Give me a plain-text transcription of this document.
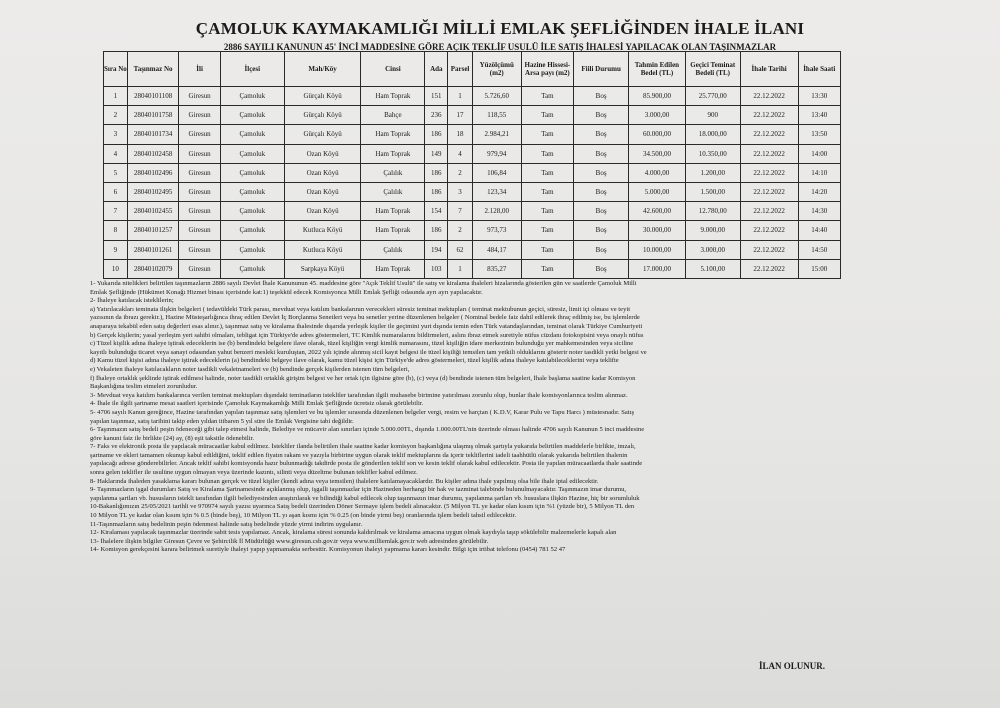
ÇAMOLUK KAYMAKAMLIĞI MİLLİ EMLAK ŞEFLİĞİNDEN İHALE İLANI
2886 SAYILI KANUNUN 45' İNCİ MADDESİNE GÖRE AÇIK TEKLİF USULÜ İLE SATIŞ İHALESİ YAPILACAK OLAN TAŞINMAZLAR
Sıra No	Taşınmaz No	İli	İlçesi	Mah/Köy	Cinsi	Ada	Parsel	Yüzölçümü (m2)	Hazine Hissesi-Arsa payı (m2)	Fiili Durumu	Tahmin Edilen Bedel (TL)	Geçici Teminat Bedeli (TL)	İhale Tarihi	İhale Saati
1	28040101108	Giresun	Çamoluk	Gürçalı Köyü	Ham Toprak	151	1	5.726,60	Tam	Boş	85.900,00	25.770,00	22.12.2022	13:30
2	28040101758	Giresun	Çamoluk	Gürçalı Köyü	Bahçe	236	17	118,55	Tam	Boş	3.000,00	900	22.12.2022	13:40
3	28040101734	Giresun	Çamoluk	Gürçalı Köyü	Ham Toprak	186	18	2.984,21	Tam	Boş	60.000,00	18.000,00	22.12.2022	13:50
4	28040102458	Giresun	Çamoluk	Ozan Köyü	Ham Toprak	149	4	979,94	Tam	Boş	34.500,00	10.350,00	22.12.2022	14:00
5	28040102496	Giresun	Çamoluk	Ozan Köyü	Çalılık	186	2	106,84	Tam	Boş	4.000,00	1.200,00	22.12.2022	14:10
6	28040102495	Giresun	Çamoluk	Ozan Köyü	Çalılık	186	3	123,34	Tam	Boş	5.000,00	1.500,00	22.12.2022	14:20
7	28040102455	Giresun	Çamoluk	Ozan Köyü	Ham Toprak	154	7	2.128,00	Tam	Boş	42.600,00	12.780,00	22.12.2022	14:30
8	28040101257	Giresun	Çamoluk	Kutluca Köyü	Ham Toprak	186	2	973,73	Tam	Boş	30.000,00	9.000,00	22.12.2022	14:40
9	28040101261	Giresun	Çamoluk	Kutluca Köyü	Çalılık	194	62	484,17	Tam	Boş	10.000,00	3.000,00	22.12.2022	14:50
10	28040102079	Giresun	Çamoluk	Sarpkaya Köyü	Ham Toprak	103	1	835,27	Tam	Boş	17.000,00	5.100,00	22.12.2022	15:00

1- Yukarıda nitelikleri belirtilen taşınmazların 2886 sayılı Devlet İhale Kanununun 45. maddesine göre "Açık Teklif Usulü" ile satış ve kiralama ihaleleri hizalarında gösterilen gün ve saatlerde Çamoluk Milli

Emlak Şefliğinde (Hükümet Konağı Hizmet binası içerisinde kat:1) teşekkül edecek Komisyonca Milli Emlak Şefliği odasında ayrı ayrı yapılacaktır.

2- İhaleye katılacak isteklilerin;

a) Yatırılacakları teminata ilişkin belgeleri ( tedavüldeki Türk parası, mevduat veya katılım bankalarının verecekleri süresiz teminat mektupları ( teminat mektubunun geçici, süresiz, limit içi olması ve teyit

yazısının da ibrazı gerekir.), Hazine Müsteşarlığınca ihraç edilen Devlet İç Borçlanma Senetleri veya bu senetler yerine düzenlenen belgeler ( Nominal bedele faiz dahil edilerek ihraç edilmiş ise, bu işlemlerde

anaparaya tekabül eden satış değerleri esas alınır.), taşınmaz satış ve kiralama ihalesinde dışarıda yerleşik kişiler ile geçimini yurt dışında temin eden Türk vatandaşlarından, teminat olarak Türkiye Cumhuriyeti

b) Gerçek kişilerin; yasal yerleşim yeri sahibi olmaları, tebligat için Türkiye'de adres göstermeleri, TC Kimlik numaralarını bildirmeleri, aslını ibraz etmek suretiyle nüfus cüzdanı fotokopisini veya onaylı nüfus

c) Tüzel kişilik adına ihaleye iştirak edeceklerin ise (b) bendindeki belgelere ilave olarak, tüzel kişiliğin vergi kimlik numarasını, tüzel kişiliğin idare merkezinin bulunduğu yer mahkemesinden veya siciline

kayıtlı bulunduğu ticaret veya sanayi odasından yahut benzeri mesleki kuruluştan, 2022 yılı içinde alınmış sicil kayıt belgesi ile tüzel kişiliği temsilen tam yetkili olduklarını gösterir noter tasdikli yetki belgesi ve

d) Kamu tüzel kişisi adına ihaleye iştirak edeceklerin (a) bendindeki belgeye ilave olarak, kamu tüzel kişisi için Türkiye'de adres göstermeleri, tüzel kişilik adına ihaleye katılabileceklerini veya teklifte

e) Vekaleten ihaleye katılacakların noter tasdikli vekaletnameleri ve (b) bendinde gerçek kişilerden istenen tüm belgeleri,

f) İhaleye ortaklık şeklinde iştirak edilmesi halinde, noter tasdikli ortaklık girişim belgesi ve her ortak için ilgisine göre (b), (c) veya (d) bendinde istenen tüm belgeleri, İhale başlama saatine kadar Komisyon

Başkanlığına teslim etmeleri zorunludur.

3- Mevduat veya katılım bankalarınca verilen teminat mektupları dışındaki teminatların istekliler tarafından ilgili muhasebe birimine yatırılması zorunlu olup, bunlar ihale komisyonlarınca teslim alınmaz.

4- İhale ile ilgili şartname mesai saatleri içerisinde Çamoluk Kaymakamlığı Milli Emlak Şefliğinde ücretsiz olarak görülebilir.

5- 4706 sayılı Kanun gereğince, Hazine tarafından yapılan taşınmaz satış işlemleri ve bu işlemler sırasında düzenlenen belgeler vergi, resim ve harçtan ( K.D.V, Karar Pulu ve Tapu Harcı ) müstesnadır. Satış

yapılan taşınmaz, satış tarihini takip eden yıldan itibaren 5 yıl süre ile Emlak Vergisine tabi değildir.

6- Taşınmazın satış bedeli peşin ödeneceği gibi talep etmesi halinde, Belediye ve mücavir alan sınırları içinde 5.000.00TL, dışında 1.000.00TL'nin üzerinde olması halinde 4706 sayılı Kanunun 5 inci maddesine

göre kanuni faiz ile birlikte (24) ay, (8) eşit taksitle ödenebilir.

7- Faks ve elektronik posta ile yapılacak müracaatlar kabul edilmez. İstekliler ilanda belirtilen ihale saatine kadar komisyon başkanlığına ulaşmış olmak şartıyla yukarıda belirtilen maddelerle birlikte, imzalı,

şartname ve ekleri tamamen okunup kabul edildiğini, teklif edilen fiyatın rakam ve yazıyla birbirine uygun olarak teklif mektuplarını da içerir tekliflerini iadeli taahhütlü olarak yukarıda belirtilen ihalenin

yapılacağı adrese gönderebilirler. Ancak teklif sahibi komisyonda hazır bulunmadığı takdirde posta ile gönderilen teklif son ve kesin teklif olarak kabul edilecektir. Posta ile yapılan müracaatlarda ihale saatinde

sonra gelen teklifler ile usulüne uygun olmayan veya üzerinde kazıntı, silinti veya düzeltme bulunan teklifler kabul edilmez.

8- Haklarında ihaleden yasaklama kararı bulunan gerçek ve tüzel kişiler (kendi adına veya temsilen) ihalelere katılamayacaklardır. Bu kişiler adına ihale yapılmış olsa bile ihale iptal edilecektir.

9- Taşınmazların işgal durumları Satış ve Kiralama Şartnamesinde açıklanmış olup, işgalli taşınmazlar için Hazineden herhangi bir hak ve tazminat talebinde bulunulmayacaktır. Taşınmazın imar durumu,

yapılanma şartları vb. hususların istekli tarafından ilgili belediyesinden araştırılarak ve bilindiği kabul edilecek olup taşınmazın imar durumu, yapılanma şartları vb. hususlara ilişkin Hazine, hiç bir sorumluluk

10-Bakanlığımızın 25/05/2021 tarihli ve 970974 sayılı yazısı uyarınca Satış bedeli üzerinden Döner Sermaye işlem bedeli alınacaktır. (5 Milyon TL ye kadar olan kısım için %1 (yüzde bir), 5 Milyon TL den

10 Milyon TL ye kadar olan kısım için % 0.5 (binde beş), 10 Milyon TL yı aşan kısmı için % 0.25 (on binde yirmi beş) oranlarında işlem bedeli tahsil edilecektir.

11-Taşınmazların satış bedelinin peşin ödenmesi halinde satış bedelinde yüzde yirmi indirim uygulanır.

12- Kiralaması yapılacak taşınmazlar üzerinde sabit tesis yapılamaz. Ancak, kiralama süresi sonunda kaldırılmak ve kiralama amacına uygun olmak kaydıyla taşıp sökülebilir malzemelerle kapalı alan

13- İhalelere ilişkin bilgiler Giresun Çevre ve Şehircilik İl Müdürlüğü www.giresun.csb.gov.tr veya www.milliemlak.gov.tr web adresinden görülebilir.

14- Komisyon gerekçesini karara belirtmek suretiyle ihaleyi yapıp yapmamakta serbesttir. Komisyonun ihaleyi yapmama kararı kesindir. Bilgi için irtibat telefonu (0454) 781 52 47

İLAN OLUNUR.
